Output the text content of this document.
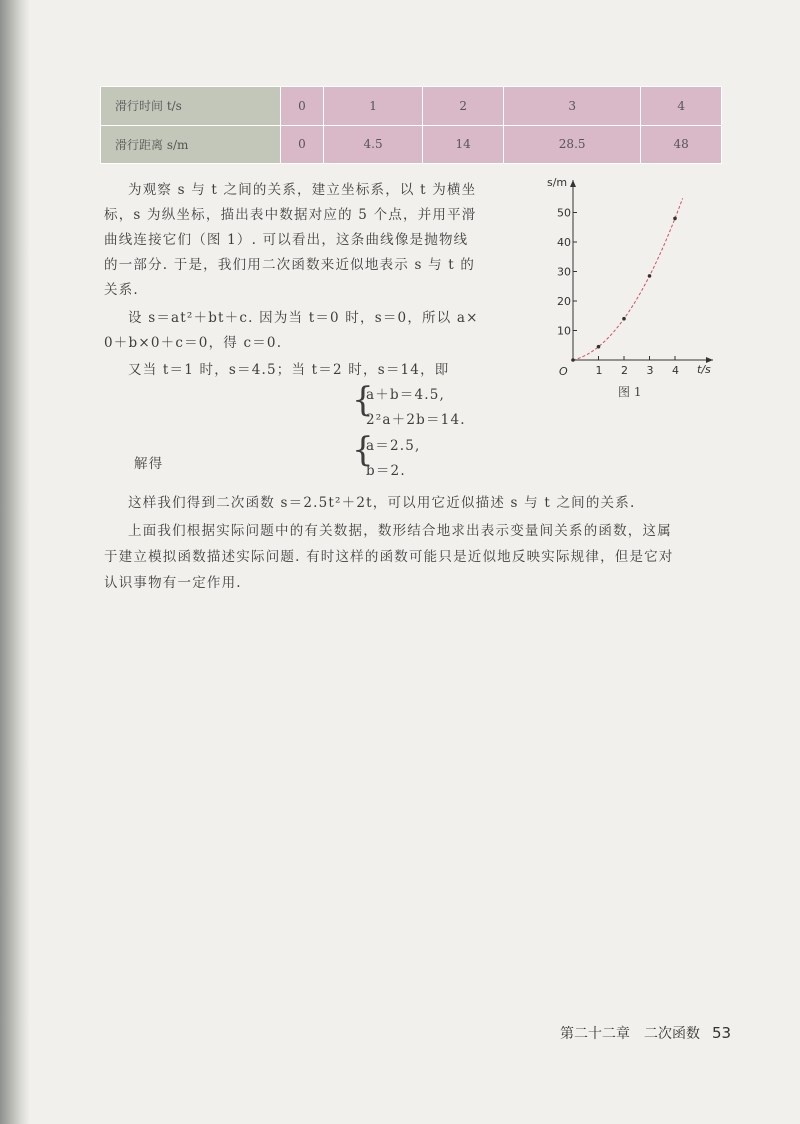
滑行时间 t/s	0	1	2	3	4
滑行距离 s/m	0	4.5	14	28.5	48
为观察 s 与 t 之间的关系，建立坐标系，以 t 为横坐
标，s 为纵坐标，描出表中数据对应的 5 个点，并用平滑
曲线连接它们（图 1）. 可以看出，这条曲线像是抛物线
的一部分. 于是，我们用二次函数来近似地表示 s 与 t 的
关系.
设 s＝at²＋bt＋c. 因为当 t＝0 时，s＝0，所以 a×
0＋b×0＋c＝0，得 c＝0.
又当 t＝1 时，s＝4.5；当 t＝2 时，s＝14，即
{
a＋b＝4.5,
2²a＋2b＝14.
解得	{
a＝2.5,
b＝2.
这样我们得到二次函数 s＝2.5t²＋2t，可以用它近似描述 s 与 t 之间的关系.
上面我们根据实际问题中的有关数据，数形结合地求出表示变量间关系的函数，这属
于建立模拟函数描述实际问题. 有时这样的函数可能只是近似地反映实际规律，但是它对
认识事物有一定作用.
1 2 3 4
10
20
30
40
50
s/m
t/s
O
图 1
第二十二章　二次函数 53
